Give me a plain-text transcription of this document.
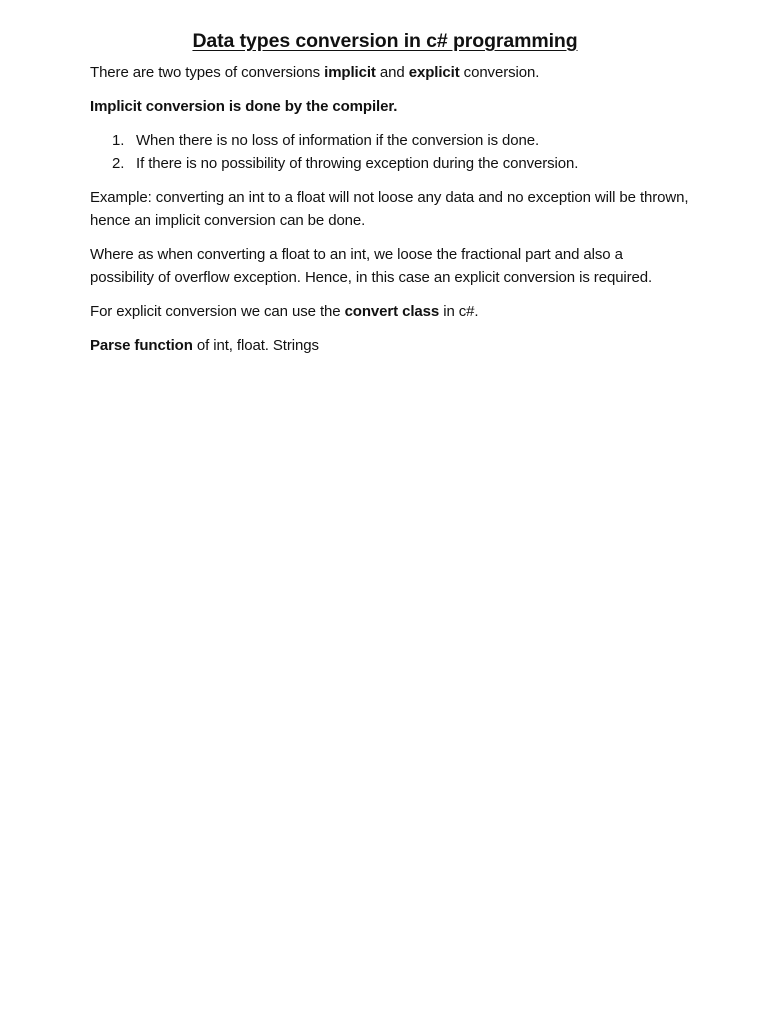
Data types conversion in c# programming

There are two types of conversions implicit and explicit conversion.

Implicit conversion is done by the compiler.

1. When there is no loss of information if the conversion is done.
2. If there is no possibility of throwing exception during the conversion.

Example: converting an int to a float will not loose any data and no exception will be thrown, hence an implicit conversion can be done.

Where as when converting a float to an int, we loose the fractional part and also a possibility of overflow exception. Hence, in this case an explicit conversion is required.

For explicit conversion we can use the convert class in c#.

Parse function of int, float. Strings
